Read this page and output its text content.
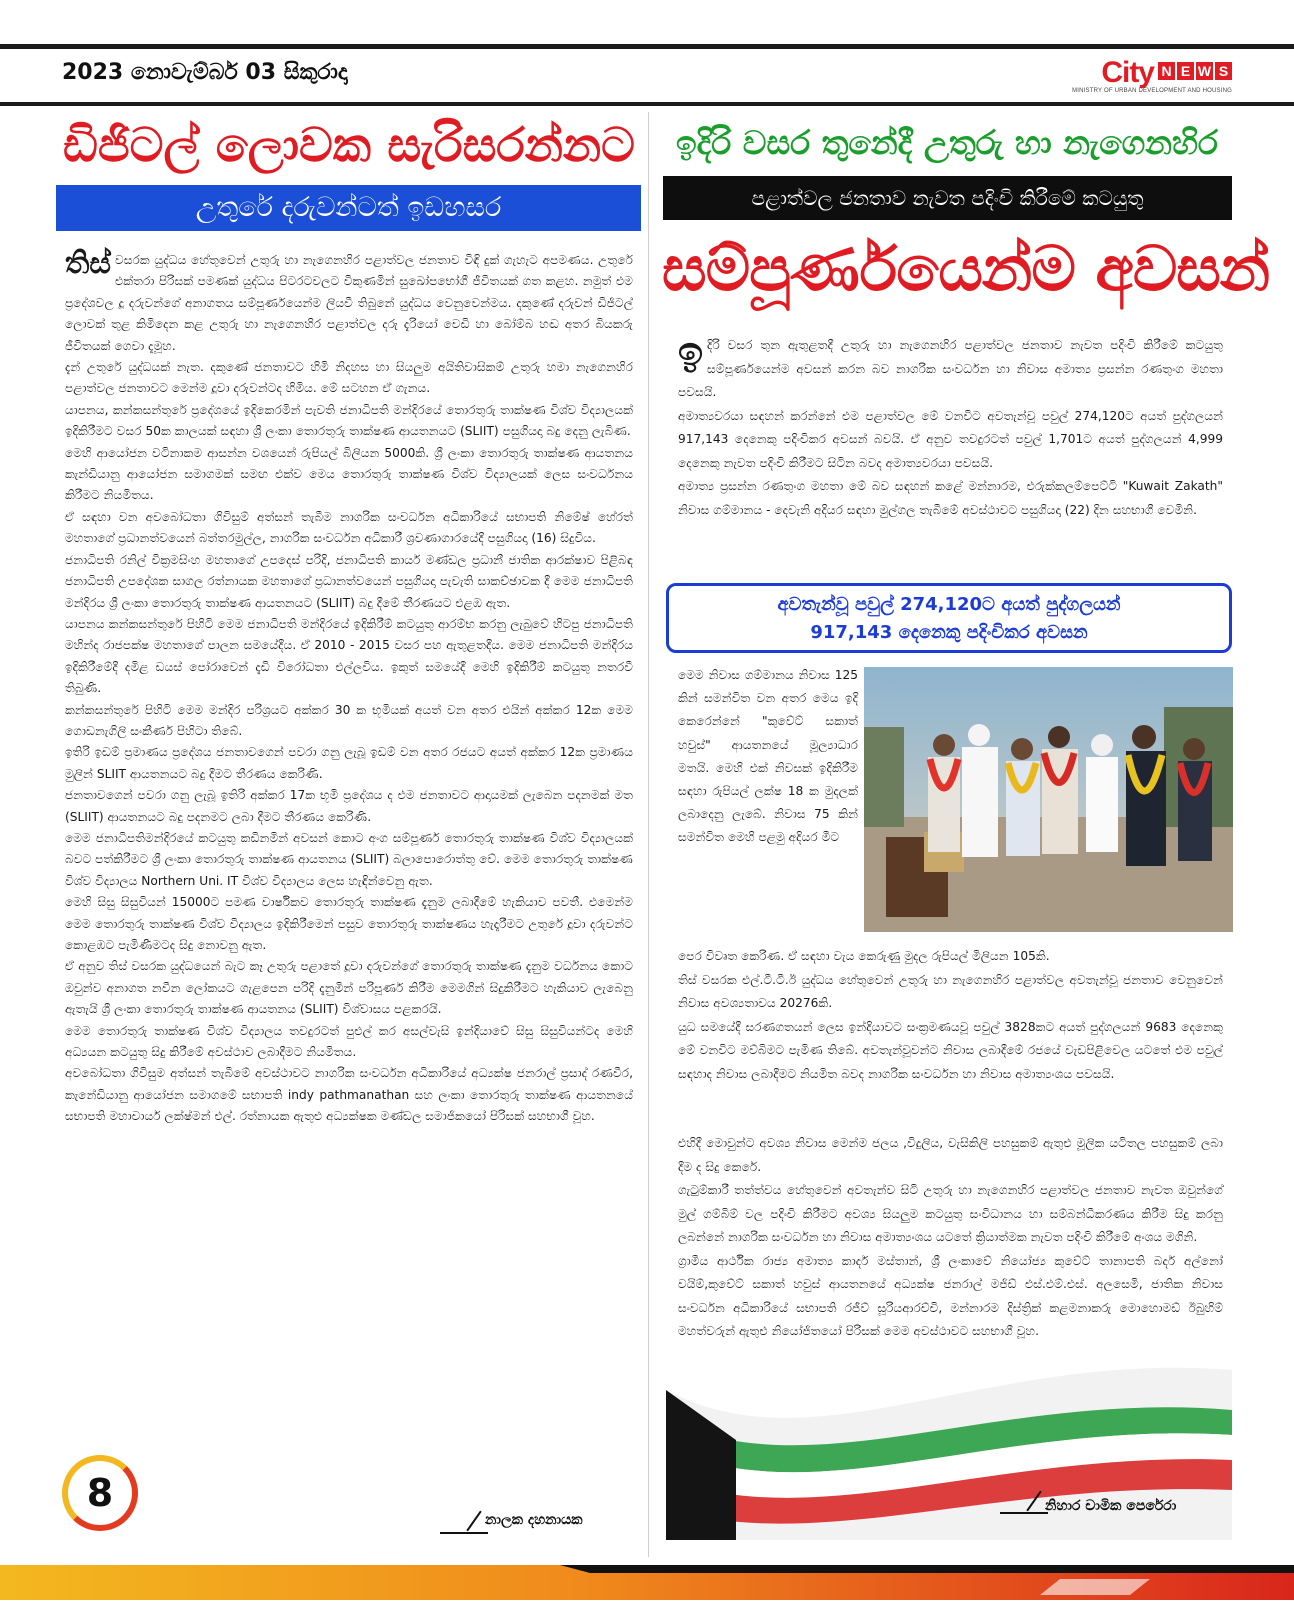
2023 නොවැම්බර් 03 සිකුරාදා	City N E W S
MINISTRY OF URBAN DEVELOPMENT AND HOUSING
ඩිජිටල් ලොවක සැරිසරන්නට
උතුරේ දරුවන්ටත් ඉඩහසර

තිස් වසරක යුද්ධය හේතුවෙන් උතුරු හා නැගෙනහිර පළාත්වල ජනතාව විඳි දුක් ගැහැට අපමණය. උතුරේ එක්තරා පිරිසක් පමණක් යුද්ධය පිටරටවලට විකුණමින් සුඛෝපභෝගී ජීවිතයක් ගත කළහ. නමුත් එම ප්‍රදේශවල දූ දරුවන්ගේ අනාගතය සම්පූර්ණයෙන්ම ලියවී තිබුනේ යුද්ධය වෙනුවෙන්මය. දකුණේ දරුවන් ඩිජිටල් ලොවක් තුළ කිමිදෙන කළ උතුරු හා නැගෙනහිර පළාත්වල දරු දැරියෝ වෙඩි හා බෝම්බ හඬ අතර බියකරු ජීවිතයක් ගෙවා දැමූහ.

දැන් උතුරේ යුද්ධයක් නැත. දකුණේ ජනතාවට හිමි නිදහස හා සියලුම අයිතිවාසිකම් උතුරු හමා නැගෙනහිර පළාත්වල ජනතාවට මෙන්ම දූවා දරුවන්ටද හිමිය. මේ සටහන ඒ ගැනය.

යාපනය, කන්කසන්තුරේ ප්‍රදේශයේ ඉදිකෙරමින් පැවති ජනාධිපති මන්දිරයේ තොරතුරු තාක්ෂණ විශ්ව විද්‍යාලයක් ඉදිකිරීමට වසර 50ක කාලයක් සඳහා ශ්‍රී ලංකා තොරතුරු තාක්ෂණ ආයතනයට (SLIIT) පසුගියදා බදු දෙනු ලැබිණ.

මෙහි ආයෝජන වටිනාකම ආසන්න වශයෙන් රුපියල් බිලියන 5000කි. ශ්‍රී ලංකා තොරතුරු තාක්ෂණ ආයතනය කැන්ඩියානු ආයෝජන සමාගමක් සමඟ එක්ව මෙය තොරතුරු තාක්ෂණ විශ්ව විද්‍යාලයක් ලෙස සංවර්ධනය කිරීමට නියමිතය.

ඒ සඳහා වන අවබෝධතා ගිවිසුම් අත්සන් තැබීම නාගරික සංවර්ධන අධිකාරියේ සභාපති නිමේෂ් හේරත් මහතාගේ ප්‍රධානත්වයෙන් බත්තරමුල්ල, නාගරික සංවර්ධන අධිකාරී ශ්‍රවණාගාරයේදී පසුගියදා (16) සිදුවිය.

ජනාධිපති රනිල් වික්‍රමසිංහ මහතාගේ උපදෙස් පරිදි, ජනාධිපති කාර්ය මණ්ඩල ප්‍රධානී ජාතික ආරක්ෂාව පිළිබඳ ජනාධිපති උපදේශක සාගල රත්නායක මහතාගේ ප්‍රධානත්වයෙන් පසුගියදා පැවැති සාකච්ඡාවක දී මෙම ජනාධිපති මන්දිරය ශ්‍රී ලංකා තොරතුරු තාක්ෂණ ආයතනයට (SLIIT) බදු දීමේ තීරණයට එළඹ ඇත.

යාපනය කන්කසන්තුරේ පිහිටි මෙම ජනාධිපති මන්දිරයේ ඉදිකිරීම් කටයුතු ආරම්භ කරනු ලැබුවේ හිටපු ජනාධිපති මහින්ද රාජපක්ෂ මහතාගේ පාලන සමයේදීය. ඒ 2010 - 2015 වසර පහ ඇතුළතදීය. මෙම ජනාධිපති මන්දිරය ඉදිකිරීමේදී දමිළ ඩයස් පෝරාවෙන් දැඩි විරෝධතා එල්ලවිය. ඉකුත් සමයේදී මෙහි ඉදිකිරීම් කටයුතු නතරවී තිබුණි.

කන්කසන්තුරේ පිහිටි මෙම මන්දිර පරිශ්‍රයට අක්කර 30 ක භූමියක් අයත් වන අතර එයින් අක්කර 12ක මෙම ගොඩනැගිලි සංකීර්ණ පිහිටා තිබේ.

ඉතිරි ඉඩම් ප්‍රමාණය ප්‍රදේශය ජනතාවගෙන් පවරා ගනු ලැබූ ඉඩම් වන අතර රජයට අයත් අක්කර 12ක ප්‍රමාණය මුලින් SLIIT ආයතනයට බදු දීමට තීරණය කෙරිණි.

ජනතාවගෙන් පවරා ගනු ලැබූ ඉතිරි අක්කර 17ක භූමි ප්‍රදේශය ද එම ජනතාවට ආදායමක් ලැබෙන පදනමක් මත (SLIIT) ආයතනයට බදු පදනමට ලබා දීමට තීරණය කෙරිණි.

මෙම ජනාධිපතිමන්දිරයේ කටයුතු කඩිනමින් අවසන් කොට අංග සම්පූර්ණ තොරතුරු තාක්ෂණ විශ්ව විද්‍යාලයක් බවට පත්කිරීමට ශ්‍රී ලංකා තොරතුරු තාක්ෂණ ආයතනය (SLIIT) බලාපොරොත්තු වේ. මෙම තොරතුරු තාක්ෂණ විශ්ව විද්‍යාලය Northern Uni. IT විශ්ව විද්‍යාලය ලෙස හැඳින්වෙනු ඇත.

මෙහි සිසු සිසුවියන් 15000ට පමණ වාර්ෂිකව තොරතුරු තාක්ෂණ දැනුම ලබාදීමේ හැකියාව පවතී. එමෙන්ම මෙම තොරතුරු තාක්ෂණ විශ්ව විද්‍යාලය ඉදිකිරීමෙන් පසුව තොරතුරු තාක්ෂණය හැදෑරීමට උතුරේ දූවා දරුවන්ට කොළඹට පැමිණීමටද සිදු නොවනු ඇත.

ඒ අනුව තිස් වසරක යුද්ධයෙන් බැට කෑ උතුරු පළාතේ දූවා දරුවන්ගේ තොරතුරු තාක්ෂණ දැනුම වර්ධනය කොට ඔවුන්ව අනාගත නවීන ලෝකයට ගැළපෙන පරිදි දැනුමින් පරිපූර්ණ කිරීම මෙමගින් සිදුකිරීමට හැකියාව ලැබෙනු ඇතැයි ශ්‍රී ලංකා තොරතුරු තාක්ෂණ ආයතනය (SLIIT) විශ්වාසය පළකරයි.

මෙම තොරතුරු තාක්ෂණ විශ්ව විද්‍යාලය තවදුරටත් පුළුල් කර අසල්වැසි ඉන්දියාවේ සිසු සිසුවියන්ටද මෙහි අධ්‍යයන කටයුතු සිදු කිරීමේ අවස්ථාව ලබාදීමට නියමිතය.

අවබෝධතා ගිවිසුම අත්සන් තැබීමේ අවස්ථාවට නාගරික සංවර්ධන අධිකාරියේ අධ්‍යක්ෂ ජනරාල් ප්‍රසාද් රණවීර, කැනේඩියානු ආයෝජන සමාගමේ සභාපති indy pathmanathan සහ ලංකා තොරතුරු තාක්ෂණ ආයතනයේ සභාපති මහාචාර්ය ලක්ෂ්මන් එල්. රත්නායක ඇතුළු අධ්‍යක්ෂක මණ්ඩල සමාජිකයෝ පිරිසක් සහභාගී වූහ.

8
නාලක දහනායක
ඉදිරි වසර තුනේදී උතුරු හා නැගෙනහිර
පළාත්වල ජනතාව නැවත පදිංචි කිරීමේ කටයුතු
සම්පූර්ණයෙන්ම අවසන්

ඉදිරි වසර තුන ඇතුළතදී උතුරු හා නැගෙනහිර පළාත්වල ජනතාව නැවත පදිංචි කිරීමේ කටයුතු සම්පූර්ණයෙන්ම අවසන් කරන බව නාගරික සංවර්ධන හා නිවාස අමාත්‍ය ප්‍රසන්න රණතුංග මහතා පවසයි.

අමාත්‍යවරයා සඳහන් කරන්නේ එම පළාත්වල මේ වනවිට අවතැන්වූ පවුල් 274,120ට අයත් පුද්ගලයන් 917,143 දෙනෙකු පදිංචිකර අවසන් බවයි. ඒ අනුව තවදුරටත් පවුල් 1,701ට අයත් පුද්ගලයන් 4,999 දෙනෙකු නැවත පදිංචි කිරීමට සිටින බවද අමාත්‍යවරයා පවසයි.

අමාත්‍ය ප්‍රසන්න රණතුංග මහතා මේ බව සඳහන් කළේ මන්නාරම, එරුක්කලම්පෙට්ටි "Kuwait Zakath" නිවාස ගම්මානය - දෙවැනි අදියර සඳහා මුල්ගල තැබීමේ අවස්ථාවට පසුගියදා (22) දින සහභාගී වෙමිනි.

අවතැන්වූ පවුල් 274,120ට අයත් පුද්ගලයන්
917,143 දෙනෙකු පදිංචිකර අවසන

මෙම නිවාස ගම්මානය නිවාස 125 කින් සමන්විත වන අතර මෙය ඉදි කෙරෙන්නේ "කුවේට් සකාත් හවුස්" ආයතනයේ මූල්‍යාධාර මතයි. මෙහි එක් නිවසක් ඉදිකිරීම සඳහා රුපියල් ලක්ෂ 18 ක මුදලක් ලබාදෙනු ලැබේ. නිවාස 75 කින් සමන්විත මෙහි පළමු අදියර මීට

පෙර විවෘත කෙරිණ. ඒ සඳහා වැය කෙරුණු මුදල රුපියල් මිලියන 105කි.

තිස් වසරක එල්.ටී.ටී.ඊ යුද්ධය හේතුවෙන් උතුරු හා නැගෙනහිර පළාත්වල අවතැන්වූ ජනතාව වෙනුවෙන් නිවාස අවශ්‍යතාවය 20276කි.

යුධ සමයේදී සරණගතයන් ලෙස ඉන්දියාවට සංක්‍රමණයවූ පවුල් 3828කට අයත් පුද්ගලයන් 9683 දෙනෙකු මේ වනවිට මව්බිමට පැමිණ තිබේ. අවතැන්වූවන්ට නිවාස ලබාදීමේ රජයේ වැඩපිළිවෙල යටතේ එම පවුල් සඳහාද නිවාස ලබාදීමට නියමිත බවද නාගරික සංවර්ධන හා නිවාස අමාත්‍යංශය පවසයි.

එහිදී මොවුන්ට අවශ්‍ය නිවාස මෙන්ම ජලය ,විදුලිය, වැසිකිලි පහසුකම් ඇතුළු මූලික යටිතල පහසුකම් ලබා දීම ද සිදු කෙරේ.

ගැටුම්කාරී තත්ත්වය හේතුවෙන් අවතැන්ව සිටි උතුරු හා නැගෙනහිර පළාත්වල ජනතාව නැවත ඔවුන්ගේ මුල් ගම්බිම් වල පදිංචි කිරීමට අවශ්‍ය සියලුම කටයුතු සංවිධානය හා සම්බන්ධීකරණය කිරීම සිදු කරනු ලබන්නේ නාගරික සංවර්ධන හා නිවාස අමාත්‍යංශය යටතේ ක්‍රියාත්මක නැවත පදිංචි කිරීමේ අංශය මගිනි.

ග්‍රාමීය ආර්ථික රාජ්‍ය අමාත්‍ය කාදර් මස්තාන්, ශ්‍රී ලංකාවේ නියෝජ්‍ය කුවේට් තානාපති බදර් අල්නෝ වයිම්,කුවේට් සකාත් හවුස් ආයතනයේ අධ්‍යක්ෂ ජනරාල් මජිඩ් එස්.එම්.එස්. අලසෙමි, ජාතික නිවාස සංවර්ධන අධිකාරියේ සභාපති රජීව් සූරියආරච්චි, මන්නාරම දිස්ත්‍රික් කළමනාකරු මොහොමඩ් ඊබුහිම් මහත්වරුන් ඇතුළු නියෝජිතයෝ පිරිසක් මෙම අවස්ථාවට සහභාගී වූහ.

නිහාර චාමික පෙරේරා
